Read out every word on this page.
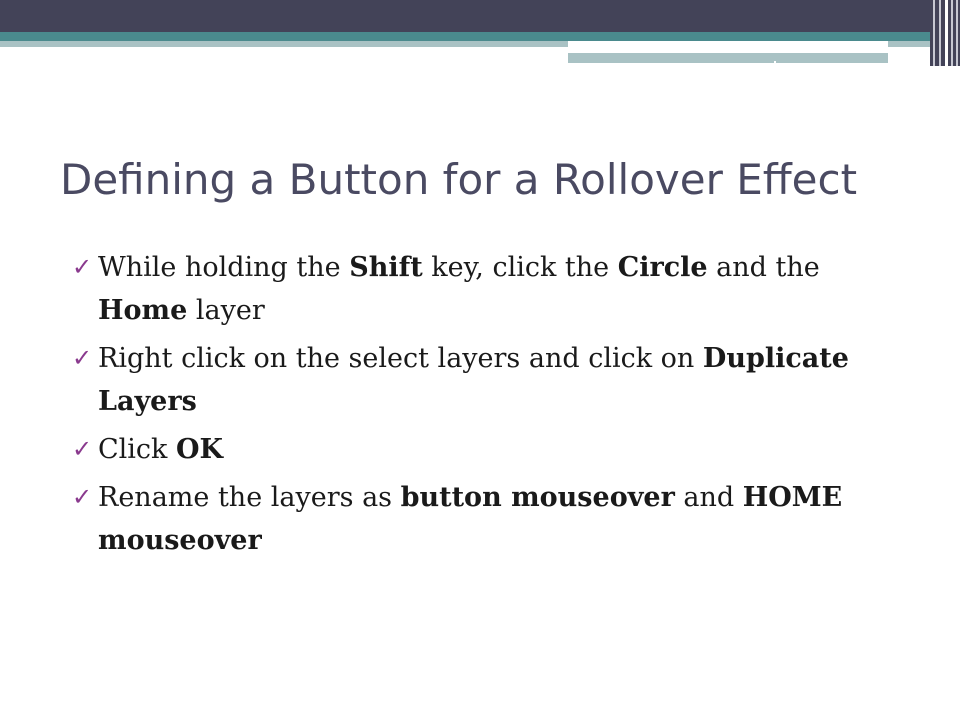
Defining a Button for a Rollover Effect
✓ While holding the Shift key, click the Circle and the Home layer
✓ Right click on the select layers and click on Duplicate Layers
✓ Click OK
✓ Rename the layers as button mouseover and HOME mouseover
